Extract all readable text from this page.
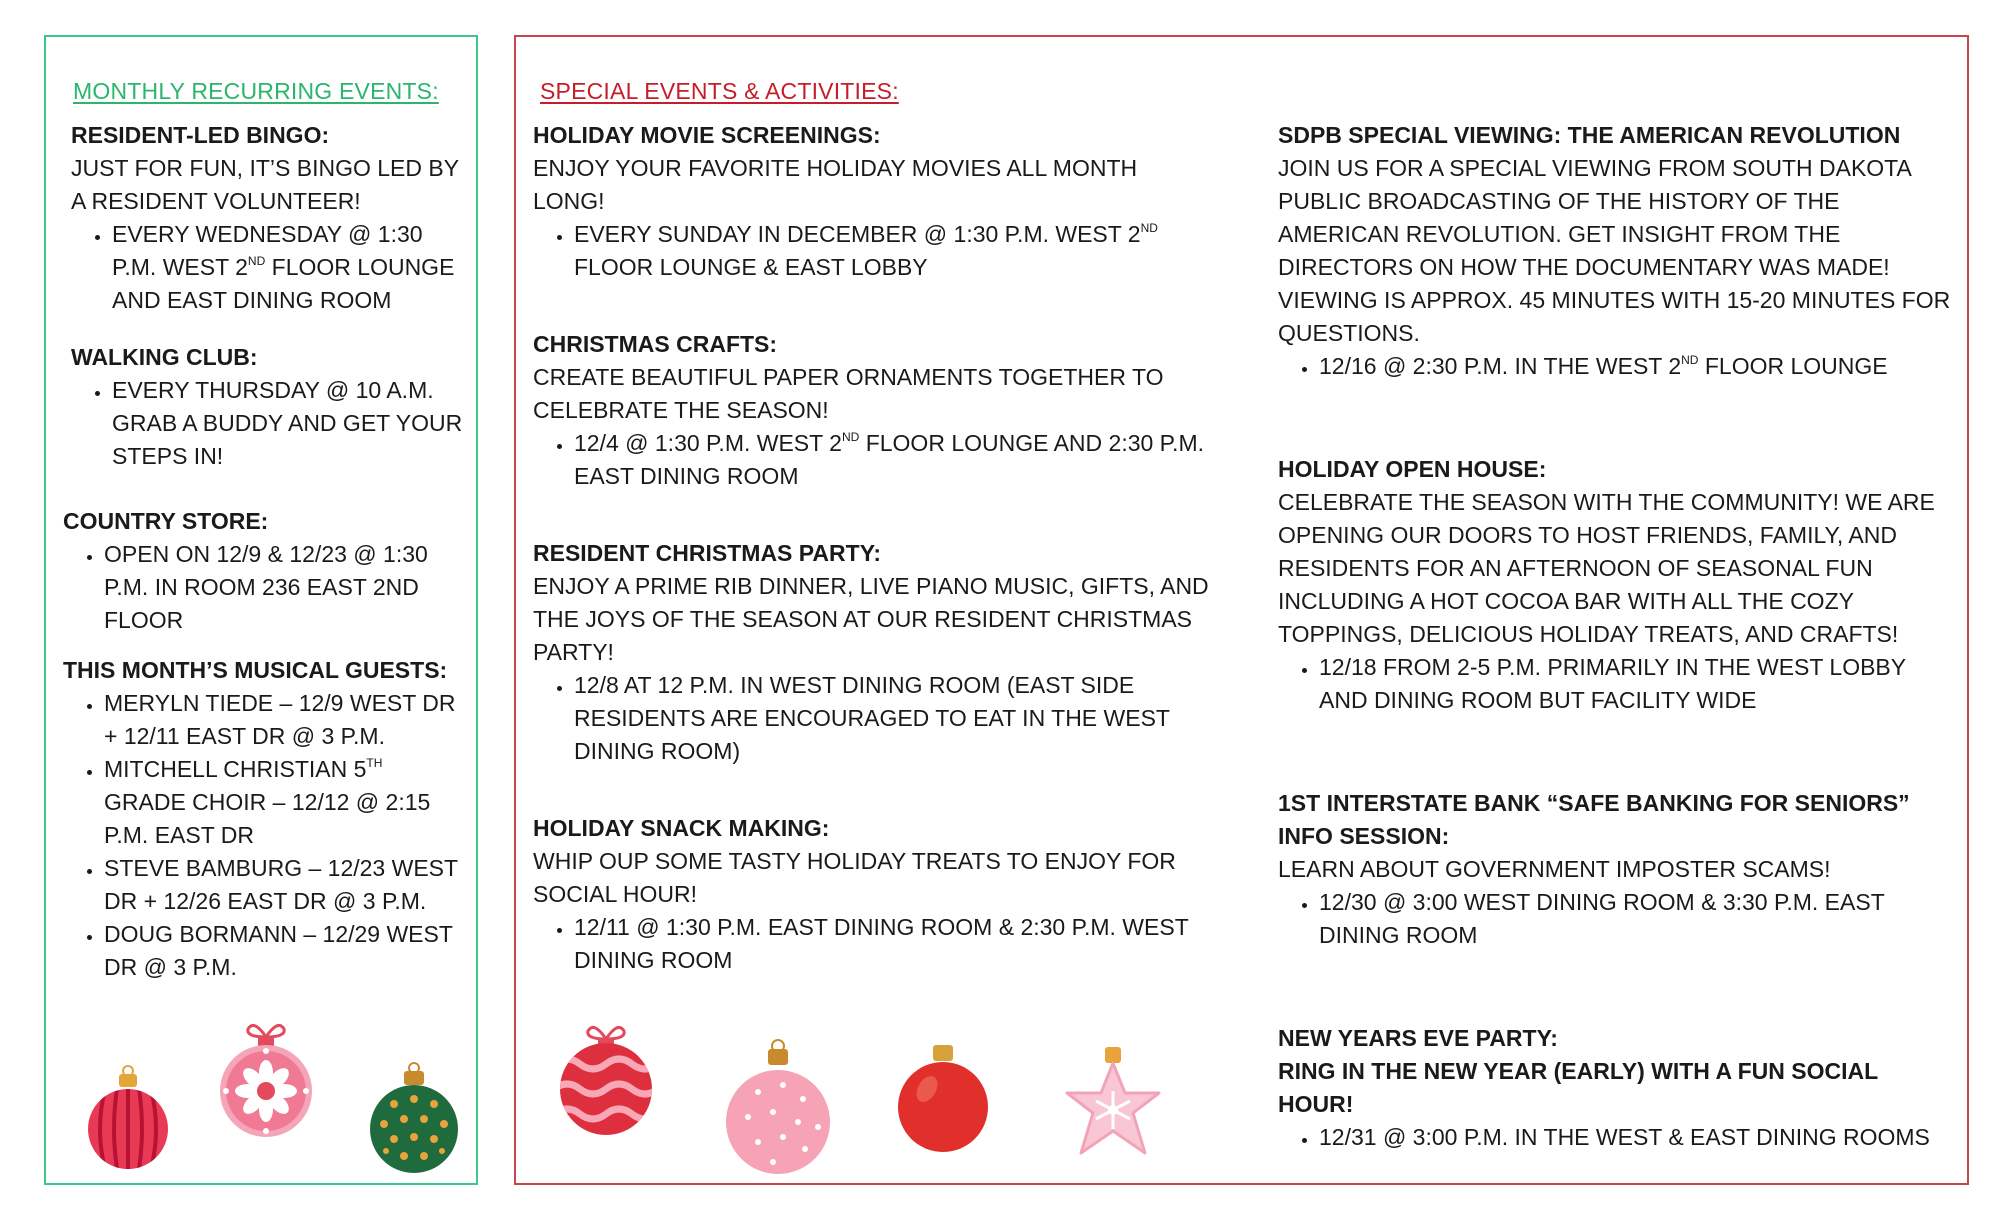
MONTHLY RECURRING EVENTS:
RESIDENT-LED BINGO:
JUST FOR FUN, IT’S BINGO LED BY A RESIDENT VOLUNTEER!
• EVERY WEDNESDAY @ 1:30 P.M. WEST 2ND FLOOR LOUNGE AND EAST DINING ROOM
WALKING CLUB:
• EVERY THURSDAY @ 10 A.M. GRAB A BUDDY AND GET YOUR STEPS IN!
COUNTRY STORE:
• OPEN ON 12/9 & 12/23 @ 1:30 P.M. IN ROOM 236 EAST 2ND FLOOR
THIS MONTH’S MUSICAL GUESTS:
• MERYLN TIEDE – 12/9 WEST DR + 12/11 EAST DR @ 3 P.M.
• MITCHELL CHRISTIAN 5TH GRADE CHOIR – 12/12 @ 2:15 P.M. EAST DR
• STEVE BAMBURG – 12/23 WEST DR + 12/26 EAST DR @ 3 P.M.
• DOUG BORMANN – 12/29 WEST DR @ 3 P.M.
SPECIAL EVENTS & ACTIVITIES:
HOLIDAY MOVIE SCREENINGS:
ENJOY YOUR FAVORITE HOLIDAY MOVIES ALL MONTH LONG!
• EVERY SUNDAY IN DECEMBER @ 1:30 P.M. WEST 2ND FLOOR LOUNGE & EAST LOBBY
CHRISTMAS CRAFTS:
CREATE BEAUTIFUL PAPER ORNAMENTS TOGETHER TO CELEBRATE THE SEASON!
• 12/4 @ 1:30 P.M. WEST 2ND FLOOR LOUNGE AND 2:30 P.M. EAST DINING ROOM
RESIDENT CHRISTMAS PARTY:
ENJOY A PRIME RIB DINNER, LIVE PIANO MUSIC, GIFTS, AND THE JOYS OF THE SEASON AT OUR RESIDENT CHRISTMAS PARTY!
• 12/8 AT 12 P.M. IN WEST DINING ROOM (EAST SIDE RESIDENTS ARE ENCOURAGED TO EAT IN THE WEST DINING ROOM)
HOLIDAY SNACK MAKING:
WHIP OUP SOME TASTY HOLIDAY TREATS TO ENJOY FOR SOCIAL HOUR!
• 12/11 @ 1:30 P.M. EAST DINING ROOM & 2:30 P.M. WEST DINING ROOM
SDPB SPECIAL VIEWING: THE AMERICAN REVOLUTION
JOIN US FOR A SPECIAL VIEWING FROM SOUTH DAKOTA PUBLIC BROADCASTING OF THE HISTORY OF THE AMERICAN REVOLUTION. GET INSIGHT FROM THE DIRECTORS ON HOW THE DOCUMENTARY WAS MADE! VIEWING IS APPROX. 45 MINUTES WITH 15-20 MINUTES FOR QUESTIONS.
• 12/16 @ 2:30 P.M. IN THE WEST 2ND FLOOR LOUNGE
HOLIDAY OPEN HOUSE:
CELEBRATE THE SEASON WITH THE COMMUNITY! WE ARE OPENING OUR DOORS TO HOST FRIENDS, FAMILY, AND RESIDENTS FOR AN AFTERNOON OF SEASONAL FUN INCLUDING A HOT COCOA BAR WITH ALL THE COZY TOPPINGS, DELICIOUS HOLIDAY TREATS, AND CRAFTS!
• 12/18 FROM 2-5 P.M. PRIMARILY IN THE WEST LOBBY AND DINING ROOM BUT FACILITY WIDE
1ST INTERSTATE BANK “SAFE BANKING FOR SENIORS” INFO SESSION:
LEARN ABOUT GOVERNMENT IMPOSTER SCAMS!
• 12/30 @ 3:00 WEST DINING ROOM & 3:30 P.M. EAST DINING ROOM
NEW YEARS EVE PARTY:
RING IN THE NEW YEAR (EARLY) WITH A FUN SOCIAL HOUR!
• 12/31 @ 3:00 P.M. IN THE WEST & EAST DINING ROOMS
